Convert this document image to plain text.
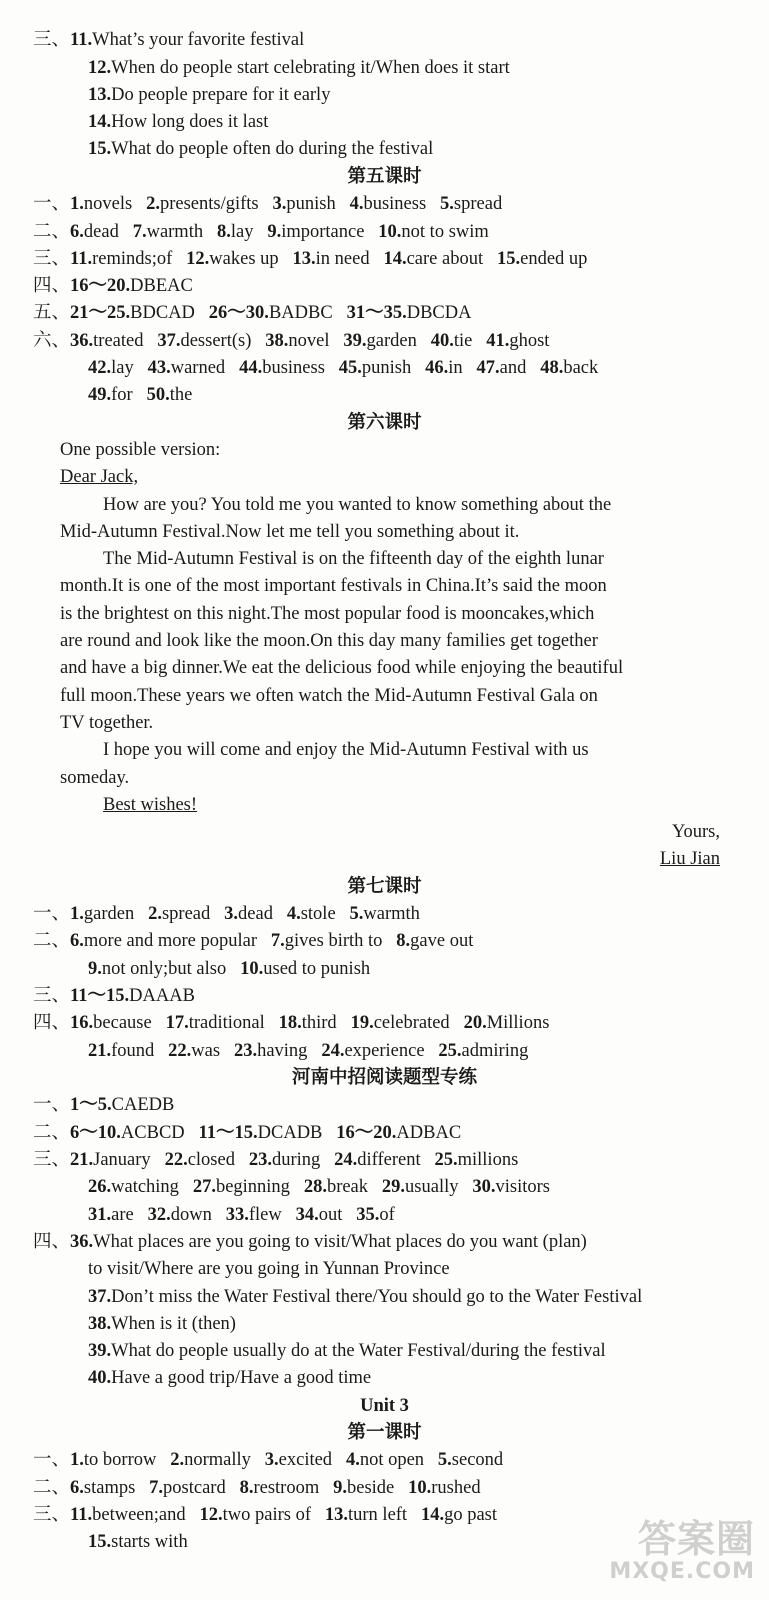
三、11.What’s your favorite festival
12.When do people start celebrating it/When does it start
13.Do people prepare for it early
14.How long does it last
15.What do people often do during the festival
第五课时
一、1.novels   2.presents/gifts   3.punish   4.business   5.spread
二、6.dead   7.warmth   8.lay   9.importance   10.not to swim
三、11.reminds;of   12.wakes up   13.in need   14.care about   15.ended up
四、16～20.DBEAC
五、21～25.BDCAD   26～30.BADBC   31～35.DBCDA
六、36.treated   37.dessert(s)   38.novel   39.garden   40.tie   41.ghost
42.lay   43.warned   44.business   45.punish   46.in   47.and   48.back
49.for   50.the
第六课时
One possible version:
Dear Jack,
How are you? You told me you wanted to know something about the
Mid-Autumn Festival.Now let me tell you something about it.
The Mid-Autumn Festival is on the fifteenth day of the eighth lunar
month.It is one of the most important festivals in China.It’s said the moon
is the brightest on this night.The most popular food is mooncakes,which
are round and look like the moon.On this day many families get together
and have a big dinner.We eat the delicious food while enjoying the beautiful
full moon.These years we often watch the Mid-Autumn Festival Gala on
TV together.
I hope you will come and enjoy the Mid-Autumn Festival with us
someday.
Best wishes!
Yours,
Liu Jian
第七课时
一、1.garden   2.spread   3.dead   4.stole   5.warmth
二、6.more and more popular   7.gives birth to   8.gave out
9.not only;but also   10.used to punish
三、11～15.DAAAB
四、16.because   17.traditional   18.third   19.celebrated   20.Millions
21.found   22.was   23.having   24.experience   25.admiring
河南中招阅读题型专练
一、1～5.CAEDB
二、6～10.ACBCD   11～15.DCADB   16～20.ADBAC
三、21.January   22.closed   23.during   24.different   25.millions
26.watching   27.beginning   28.break   29.usually   30.visitors
31.are   32.down   33.flew   34.out   35.of
四、36.What places are you going to visit/What places do you want (plan)
to visit/Where are you going in Yunnan Province
37.Don’t miss the Water Festival there/You should go to the Water Festival
38.When is it (then)
39.What do people usually do at the Water Festival/during the festival
40.Have a good trip/Have a good time
Unit 3
第一课时
一、1.to borrow   2.normally   3.excited   4.not open   5.second
二、6.stamps   7.postcard   8.restroom   9.beside   10.rushed
三、11.between;and   12.two pairs of   13.turn left   14.go past
15.starts with	答案圈
MXQE.COM
